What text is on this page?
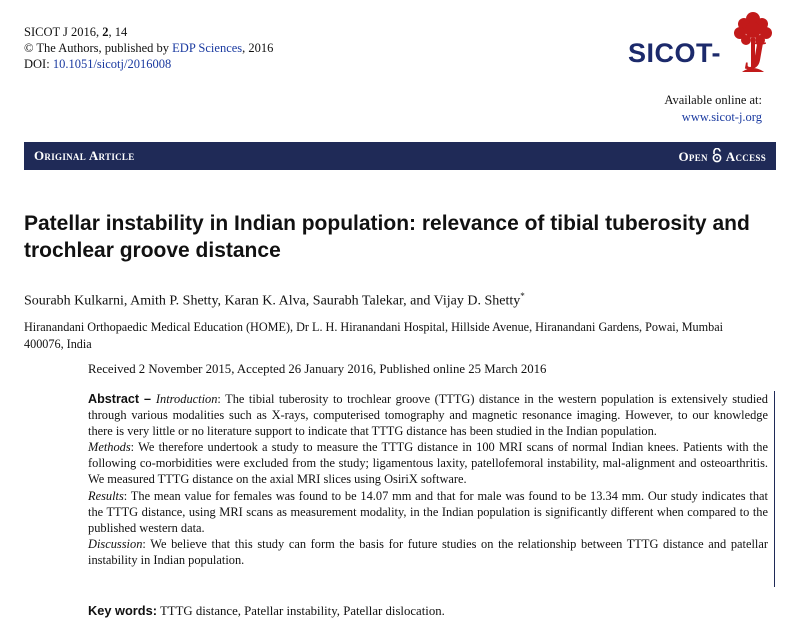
SICOT J 2016, 2, 14
© The Authors, published by EDP Sciences, 2016
DOI: 10.1051/sicotj/2016008	SICOT- J
Available online at:
www.sicot-j.org
Original Article	Open Access
Patellar instability in Indian population: relevance of tibial tuberosity and trochlear groove distance
Sourabh Kulkarni, Amith P. Shetty, Karan K. Alva, Saurabh Talekar, and Vijay D. Shetty*
Hiranandani Orthopaedic Medical Education (HOME), Dr L. H. Hiranandani Hospital, Hillside Avenue, Hiranandani Gardens, Powai, Mumbai 400076, India
Received 2 November 2015, Accepted 26 January 2016, Published online 25 March 2016

Abstract – Introduction: The tibial tuberosity to trochlear groove (TTTG) distance in the western population is extensively studied through various modalities such as X-rays, computerised tomography and magnetic resonance imaging. However, to our knowledge there is very little or no literature support to indicate that TTTG distance has been studied in the Indian population.

Methods: We therefore undertook a study to measure the TTTG distance in 100 MRI scans of normal Indian knees. Patients with the following co-morbidities were excluded from the study; ligamentous laxity, patellofemoral instability, mal-alignment and osteoarthritis. We measured TTTG distance on the axial MRI slices using OsiriX software.

Results: The mean value for females was found to be 14.07 mm and that for male was found to be 13.34 mm. Our study indicates that the TTTG distance, using MRI scans as measurement modality, in the Indian population is significantly different when compared to the published western data.

Discussion: We believe that this study can form the basis for future studies on the relationship between TTTG distance and patellar instability in Indian population.

Key words: TTTG distance, Patellar instability, Patellar dislocation.
